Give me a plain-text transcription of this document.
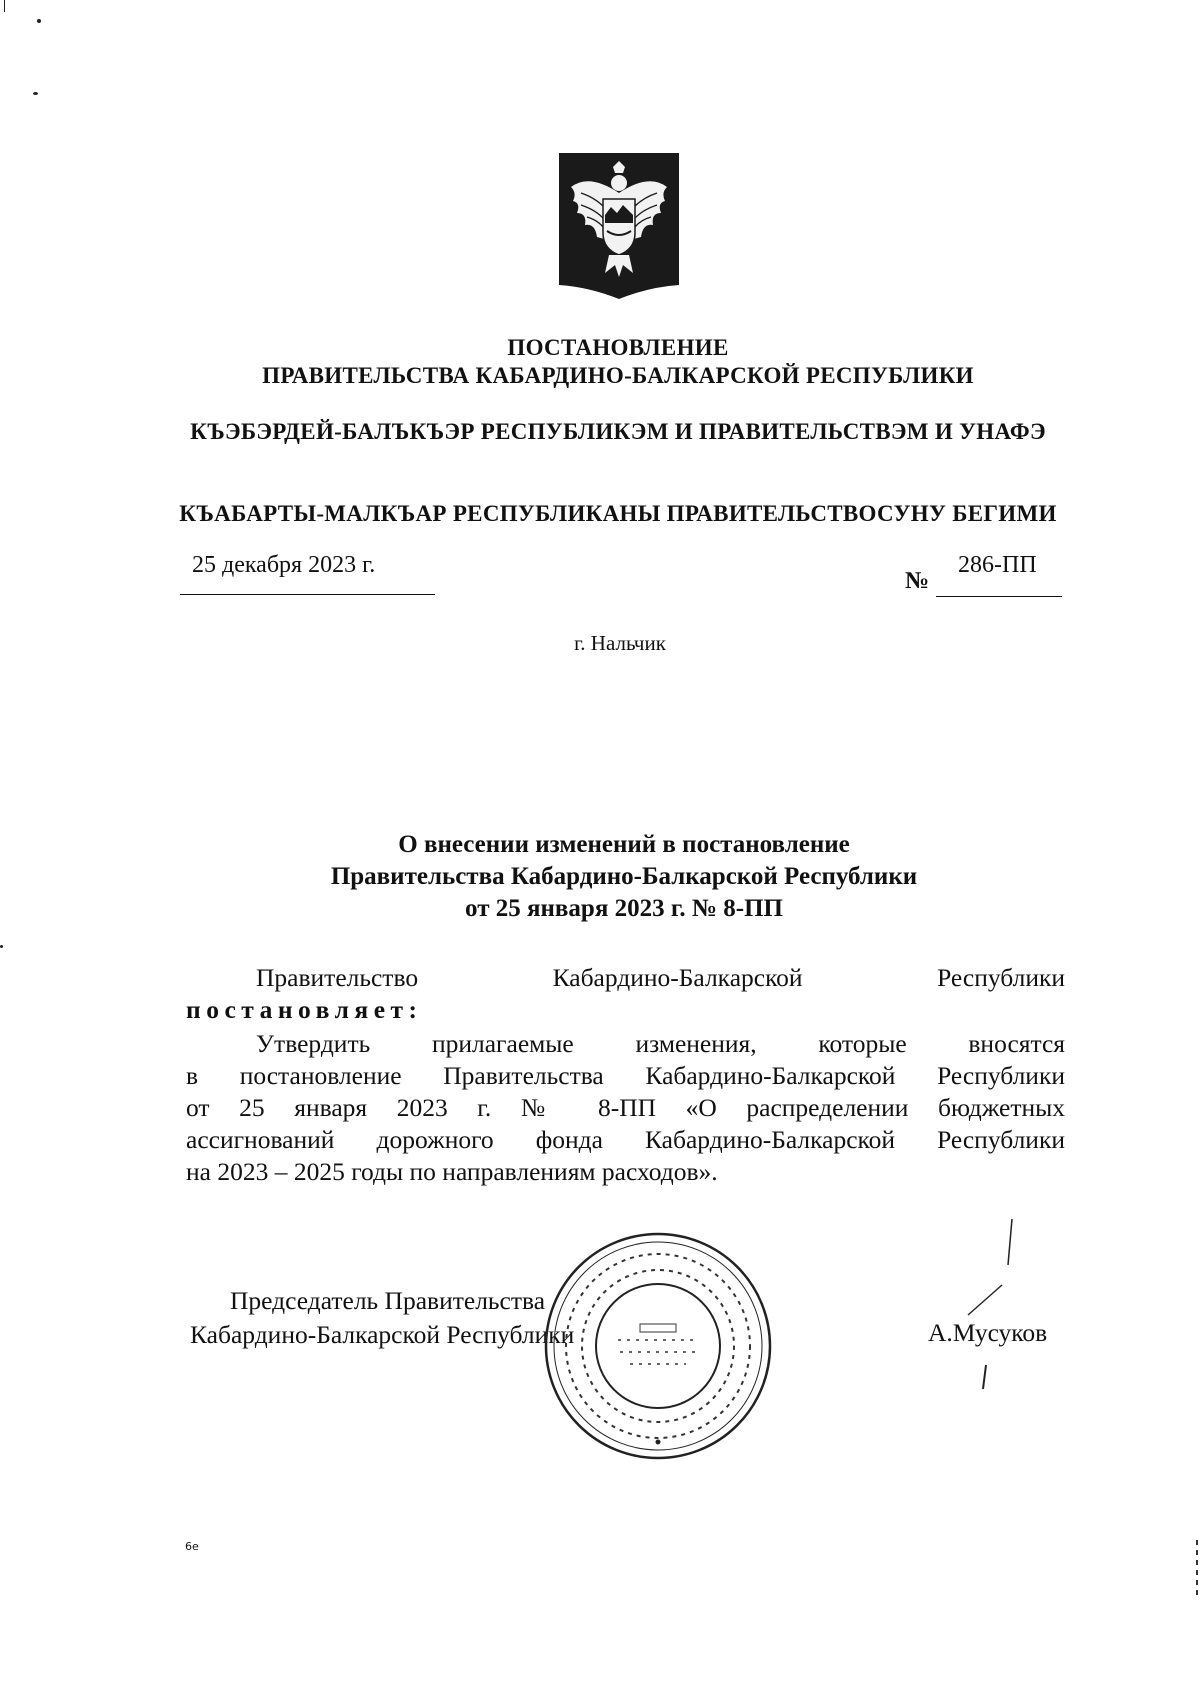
ПОСТАНОВЛЕНИЕ
ПРАВИТЕЛЬСТВА КАБАРДИНО-БАЛКАРСКОЙ РЕСПУБЛИКИ
КЪЭБЭРДЕЙ-БАЛЪКЪЭР РЕСПУБЛИКЭМ И ПРАВИТЕЛЬСТВЭМ И УНАФЭ
КЪАБАРТЫ-МАЛКЪАР РЕСПУБЛИКАНЫ ПРАВИТЕЛЬСТВОСУНУ БЕГИМИ
25 декабря 2023 г.
№
286-ПП
г. Нальчик
О внесении изменений в постановление
Правительства Кабардино-Балкарской Республики
от 25 января 2023 г. № 8-ПП
Правительство Кабардино-Балкарской Республики
постановляет:
Утвердить прилагаемые изменения, которые вносятся
в постановление Правительства Кабардино-Балкарской Республики
от 25 января 2023 г. № 8-ПП «О распределении бюджетных
ассигнований дорожного фонда Кабардино-Балкарской Республики
на 2023 – 2025 годы по направлениям расходов».
Председатель Правительства
Кабардино-Балкарской Республики	А.Мусуков
6е
